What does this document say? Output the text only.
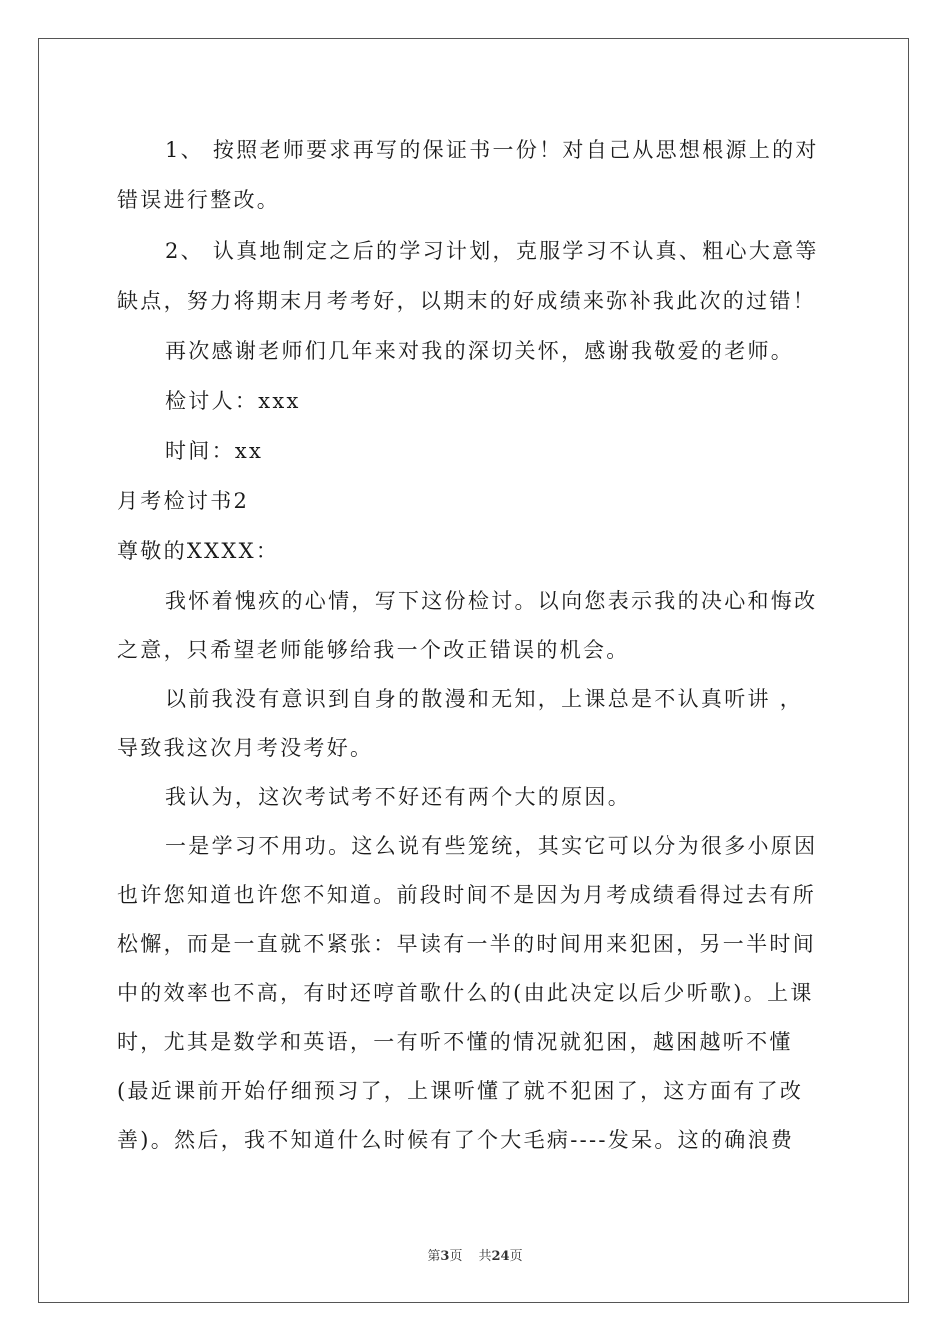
1、 按照老师要求再写的保证书一份！对自己从思想根源上的对
错误进行整改。
2、 认真地制定之后的学习计划，克服学习不认真、粗心大意等
缺点，努力将期末月考考好，以期末的好成绩来弥补我此次的过错！
再次感谢老师们几年来对我的深切关怀，感谢我敬爱的老师。
检讨人：xxx
时间：xx
月考检讨书2
尊敬的XXXX：
我怀着愧疚的心情，写下这份检讨。以向您表示我的决心和悔改
之意，只希望老师能够给我一个改正错误的机会。
以前我没有意识到自身的散漫和无知，上课总是不认真听讲 ，
导致我这次月考没考好。
我认为，这次考试考不好还有两个大的原因。
一是学习不用功。这么说有些笼统，其实它可以分为很多小原因
也许您知道也许您不知道。前段时间不是因为月考成绩看得过去有所
松懈，而是一直就不紧张：早读有一半的时间用来犯困，另一半时间
中的效率也不高，有时还哼首歌什么的(由此决定以后少听歌)。上课
时，尤其是数学和英语，一有听不懂的情况就犯困，越困越听不懂
(最近课前开始仔细预习了，上课听懂了就不犯困了，这方面有了改
善)。然后，我不知道什么时候有了个大毛病----发呆。这的确浪费
第3页 共24页
